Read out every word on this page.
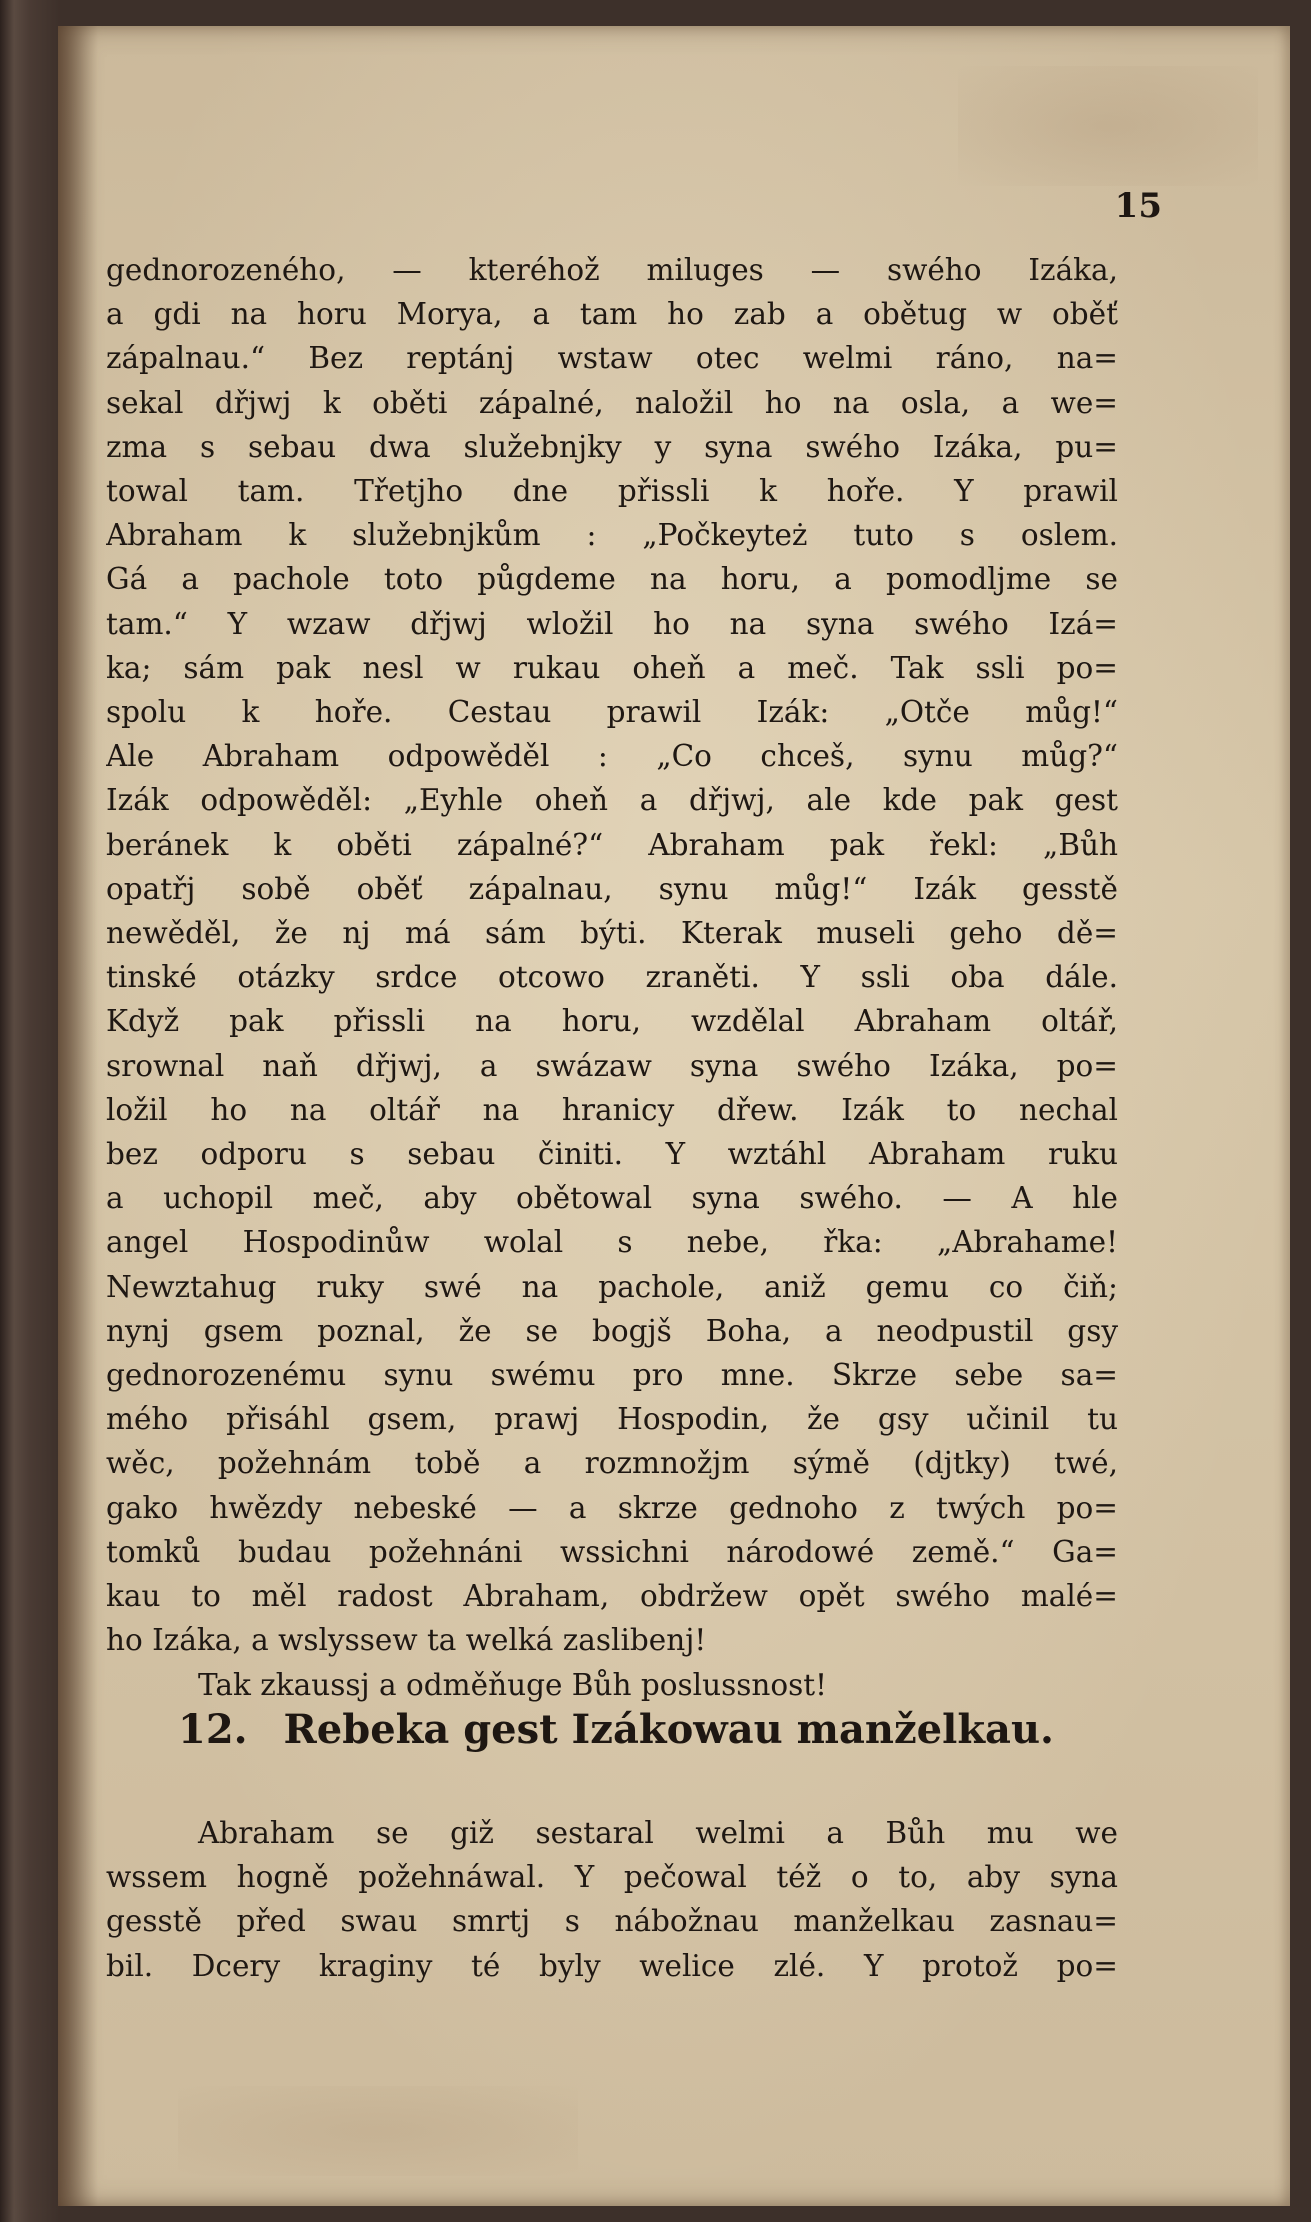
15
gednorozeného, — kteréhož miluges — swého Izáka,
a gdi na horu Morya, a tam ho zab a obětug w oběť
zápalnau.“ Bez reptánj wstaw otec welmi ráno, na=
sekal dřjwj k oběti zápalné, naložil ho na osla, a we=
zma s sebau dwa služebnjky y syna swého Izáka, pu=
towal tam. Třetjho dne přissli k hoře. Y prawil
Abraham k služebnjkům : „Počkeyteż tuto s oslem.
Gá a pachole toto půgdeme na horu, a pomodljme se
tam.“ Y wzaw dřjwj wložil ho na syna swého Izá=
ka; sám pak nesl w rukau oheň a meč. Tak ssli po=
spolu k hoře. Cestau prawil Izák: „Otče můg!“
Ale Abraham odpowěděl : „Co chceš, synu můg?“
Izák odpowěděl: „Eyhle oheň a dřjwj, ale kde pak gest
beránek k oběti zápalné?“ Abraham pak řekl: „Bůh
opatřj sobě oběť zápalnau, synu můg!“ Izák gesstě
newěděl, že nj má sám býti. Kterak museli geho dě=
tinské otázky srdce otcowo zraněti. Y ssli oba dále.
Když pak přissli na horu, wzdělal Abraham oltář,
srownal naň dřjwj, a swázaw syna swého Izáka, po=
ložil ho na oltář na hranicy dřew. Izák to nechal
bez odporu s sebau činiti. Y wztáhl Abraham ruku
a uchopil meč, aby obětowal syna swého. — A hle
angel Hospodinůw wolal s nebe, řka: „Abrahame!
Newztahug ruky swé na pachole, aniž gemu co čiň;
nynj gsem poznal, že se bogjš Boha, a neodpustil gsy
gednorozenému synu swému pro mne. Skrze sebe sa=
mého přisáhl gsem, prawj Hospodin, že gsy učinil tu
wěc, požehnám tobě a rozmnožjm sýmě (djtky) twé,
gako hwězdy nebeské — a skrze gednoho z twých po=
tomků budau požehnáni wssichni národowé země.“ Ga=
kau to měl radost Abraham, obdržew opět swého malé=
ho Izáka, a wslyssew ta welká zaslibenj!
Tak zkaussj a odměňuge Bůh poslussnost!
12. Rebeka gest Izákowau manželkau.
Abraham se giž sestaral welmi a Bůh mu we
wssem hogně požehnáwal. Y pečowal též o to, aby syna
gesstě před swau smrtj s nábožnau manželkau zasnau=
bil. Dcery kraginy té byly welice zlé. Y protož po=
